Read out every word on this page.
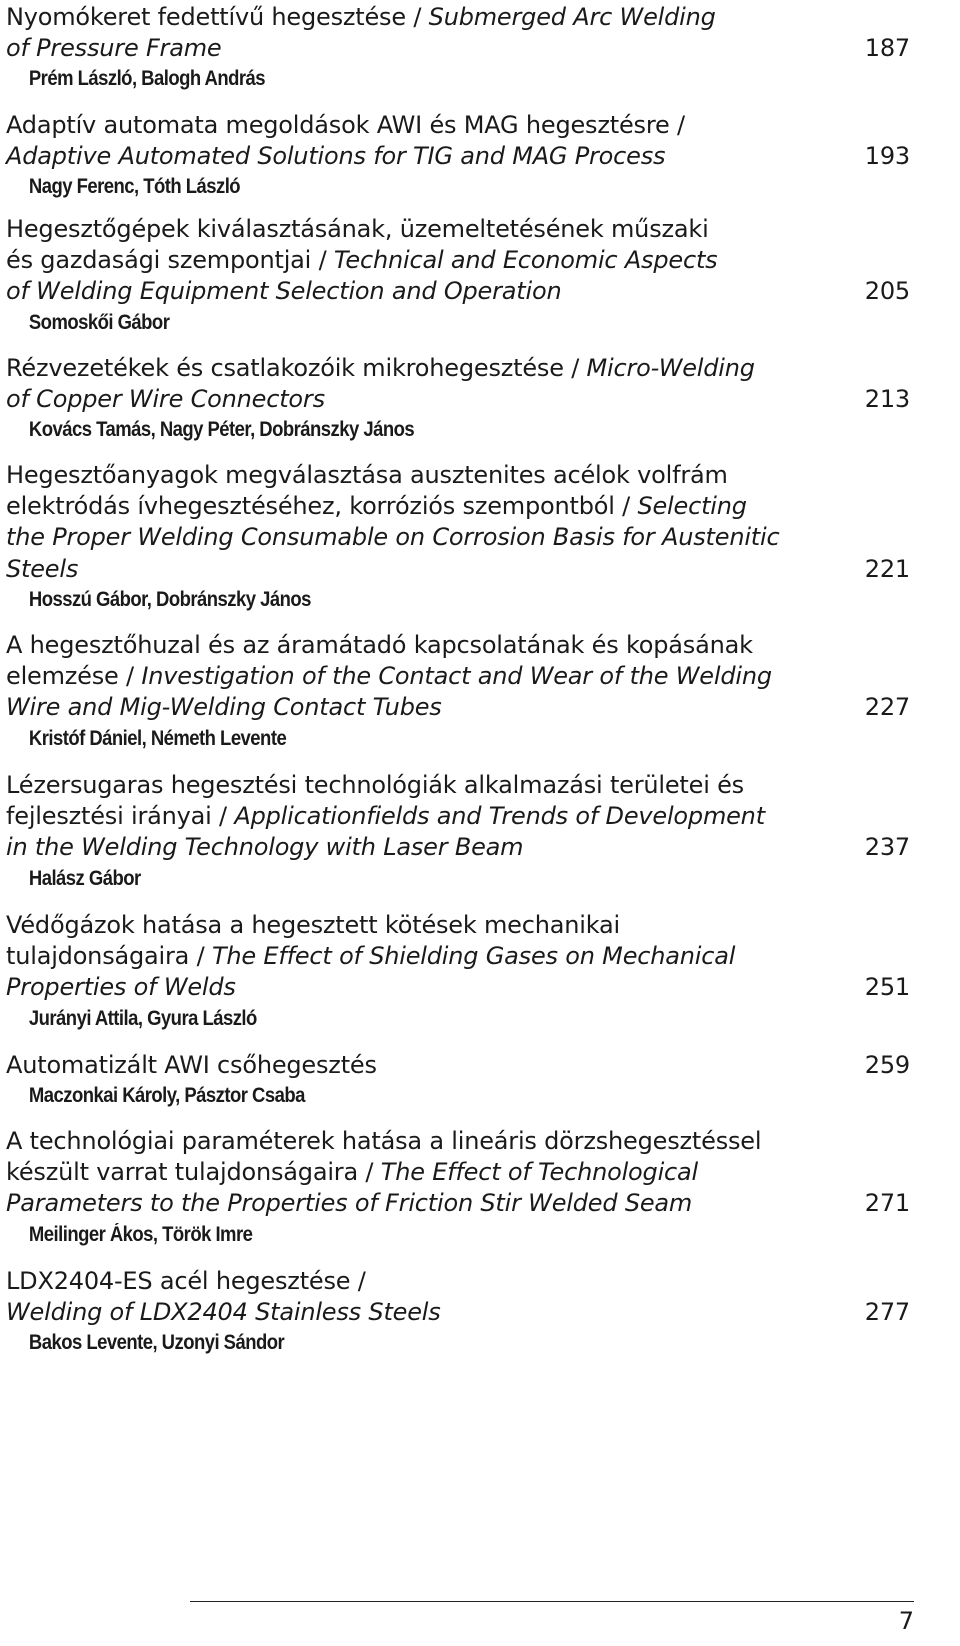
Nyomókeret fedettívű hegesztése / Submerged Arc Welding
of Pressure Frame	187
Prém László, Balogh András
Adaptív automata megoldások AWI és MAG hegesztésre /
Adaptive Automated Solutions for TIG and MAG Process	193
Nagy Ferenc, Tóth László
Hegesztőgépek kiválasztásának, üzemeltetésének műszaki
és gazdasági szempontjai / Technical and Economic Aspects
of Welding Equipment Selection and Operation	205
Somoskői Gábor
Rézvezetékek és csatlakozóik mikrohegesztése / Micro-Welding
of Copper Wire Connectors	213
Kovács Tamás, Nagy Péter, Dobránszky János
Hegesztőanyagok megválasztása ausztenites acélok volfrám
elektródás ívhegesztéséhez, korróziós szempontból / Selecting
the Proper Welding Consumable on Corrosion Basis for Austenitic
Steels	221
Hosszú Gábor, Dobránszky János
A hegesztőhuzal és az áramátadó kapcsolatának és kopásának
elemzése / Investigation of the Contact and Wear of the Welding
Wire and Mig-Welding Contact Tubes	227
Kristóf Dániel, Németh Levente
Lézersugaras hegesztési technológiák alkalmazási területei és
fejlesztési irányai / Applicationfields and Trends of Development
in the Welding Technology with Laser Beam	237
Halász Gábor
Védőgázok hatása a hegesztett kötések mechanikai
tulajdonságaira / The Effect of Shielding Gases on Mechanical
Properties of Welds	251
Jurányi Attila, Gyura László
Automatizált AWI csőhegesztés	259
Maczonkai Károly, Pásztor Csaba
A technológiai paraméterek hatása a lineáris dörzshegesztéssel
készült varrat tulajdonságaira / The Effect of Technological
Parameters to the Properties of Friction Stir Welded Seam	271
Meilinger Ákos, Török Imre
LDX2404-ES acél hegesztése /
Welding of LDX2404 Stainless Steels	277
Bakos Levente, Uzonyi Sándor
7
